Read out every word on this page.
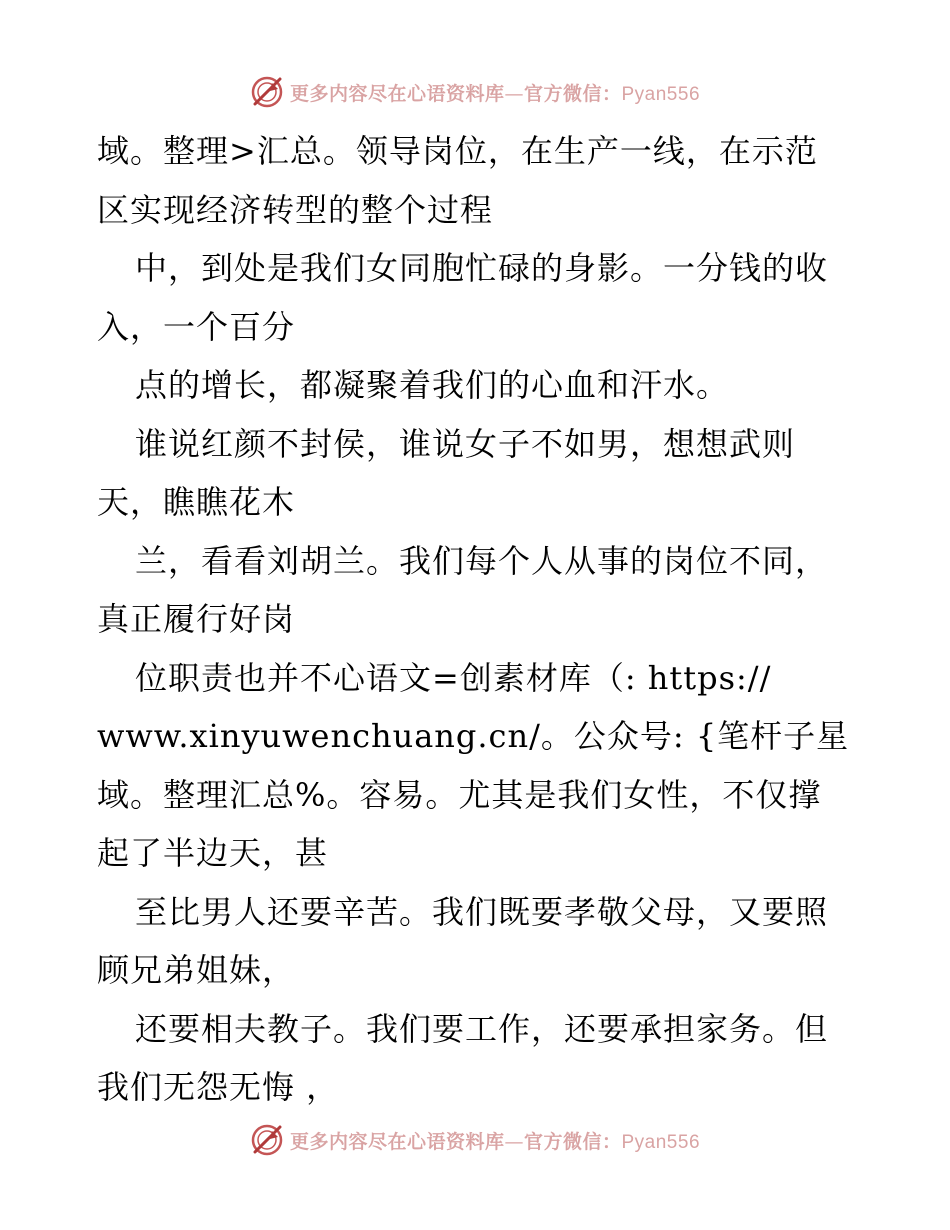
更多内容尽在心语资料库—官方微信：Pyan556
域。整理>汇总。领导岗位，在生产一线，在示范
区实现经济转型的整个过程
中，到处是我们女同胞忙碌的身影。一分钱的收
入，一个百分
点的增长，都凝聚着我们的心血和汗水。
谁说红颜不封侯，谁说女子不如男，想想武则
天，瞧瞧花木
兰，看看刘胡兰。我们每个人从事的岗位不同，
真正履行好岗
位职责也并不心语文=创素材库（: https://
www.xinyuwenchuang.cn/。公众号: {笔杆子星
域。整理汇总%。容易。尤其是我们女性，不仅撑
起了半边天，甚
至比男人还要辛苦。我们既要孝敬父母，又要照
顾兄弟姐妹，
还要相夫教子。我们要工作，还要承担家务。但
我们无怨无悔 ，
更多内容尽在心语资料库—官方微信：Pyan556
